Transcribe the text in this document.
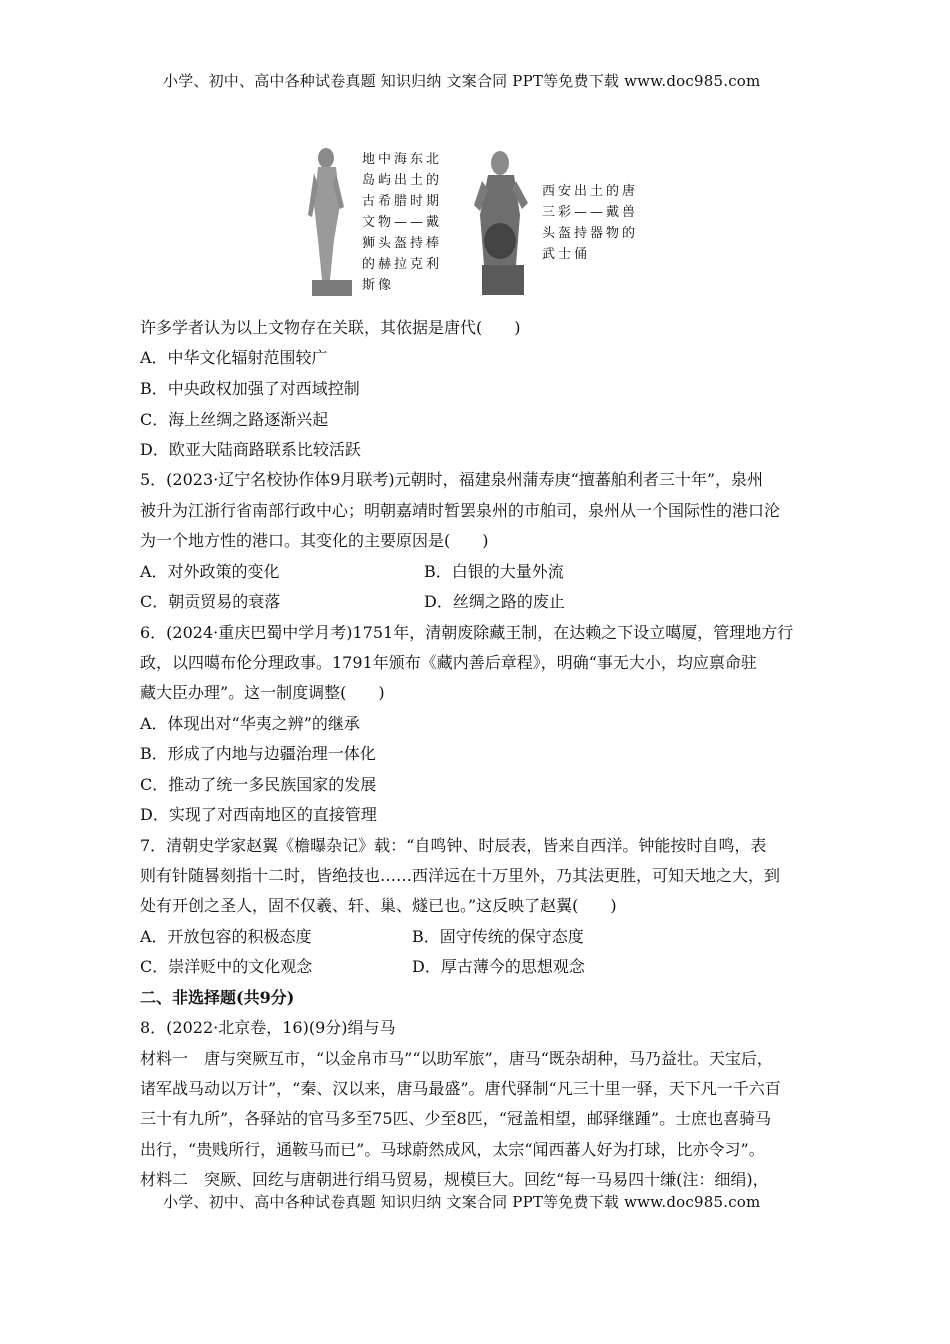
小学、初中、高中各种试卷真题 知识归纳 文案合同 PPT等免费下载 www.doc985.com
地中海东北
岛屿出土的
古希腊时期
文物——戴
狮头盔持棒
的赫拉克利
斯像
西安出土的唐
三彩——戴兽
头盔持器物的
武士俑
许多学者认为以上文物存在关联，其依据是唐代(　　)
A．中华文化辐射范围较广
B．中央政权加强了对西域控制
C．海上丝绸之路逐渐兴起
D．欧亚大陆商路联系比较活跃
5．(2023·辽宁名校协作体9月联考)元朝时，福建泉州蒲寿庚“擅蕃舶利者三十年”，泉州
被升为江浙行省南部行政中心；明朝嘉靖时暂罢泉州的市舶司，泉州从一个国际性的港口沦
为一个地方性的港口。其变化的主要原因是(　　)
A．对外政策的变化	B．白银的大量外流
C．朝贡贸易的衰落	D．丝绸之路的废止
6．(2024·重庆巴蜀中学月考)1751年，清朝废除藏王制，在达赖之下设立噶厦，管理地方行
政，以四噶布伦分理政事。1791年颁布《藏内善后章程》，明确“事无大小，均应禀命驻
藏大臣办理”。这一制度调整(　　)
A．体现出对“华夷之辨”的继承
B．形成了内地与边疆治理一体化
C．推动了统一多民族国家的发展
D．实现了对西南地区的直接管理
7．清朝史学家赵翼《檐曝杂记》载：“自鸣钟、时辰表，皆来自西洋。钟能按时自鸣，表
则有针随晷刻指十二时，皆绝技也……西洋远在十万里外，乃其法更胜，可知天地之大，到
处有开创之圣人，固不仅羲、轩、巢、燧已也。”这反映了赵翼(　　)
A．开放包容的积极态度	B．固守传统的保守态度
C．崇洋贬中的文化观念	D．厚古薄今的思想观念
二、非选择题(共9分)
8．(2022·北京卷，16)(9分)绢与马
材料一　唐与突厥互市，“以金帛市马”“以助军旅”，唐马“既杂胡种，马乃益壮。天宝后，
诸军战马动以万计”，“秦、汉以来，唐马最盛”。唐代驿制“凡三十里一驿，天下凡一千六百
三十有九所”，各驿站的官马多至75匹、少至8匹，“冠盖相望，邮驿继踵”。士庶也喜骑马
出行，“贵贱所行，通鞍马而已”。马球蔚然成风，太宗“闻西蕃人好为打球，比亦令习”。
材料二　突厥、回纥与唐朝进行绢马贸易，规模巨大。回纥“每一马易四十缣(注：细绢)，
小学、初中、高中各种试卷真题 知识归纳 文案合同 PPT等免费下载 www.doc985.com
